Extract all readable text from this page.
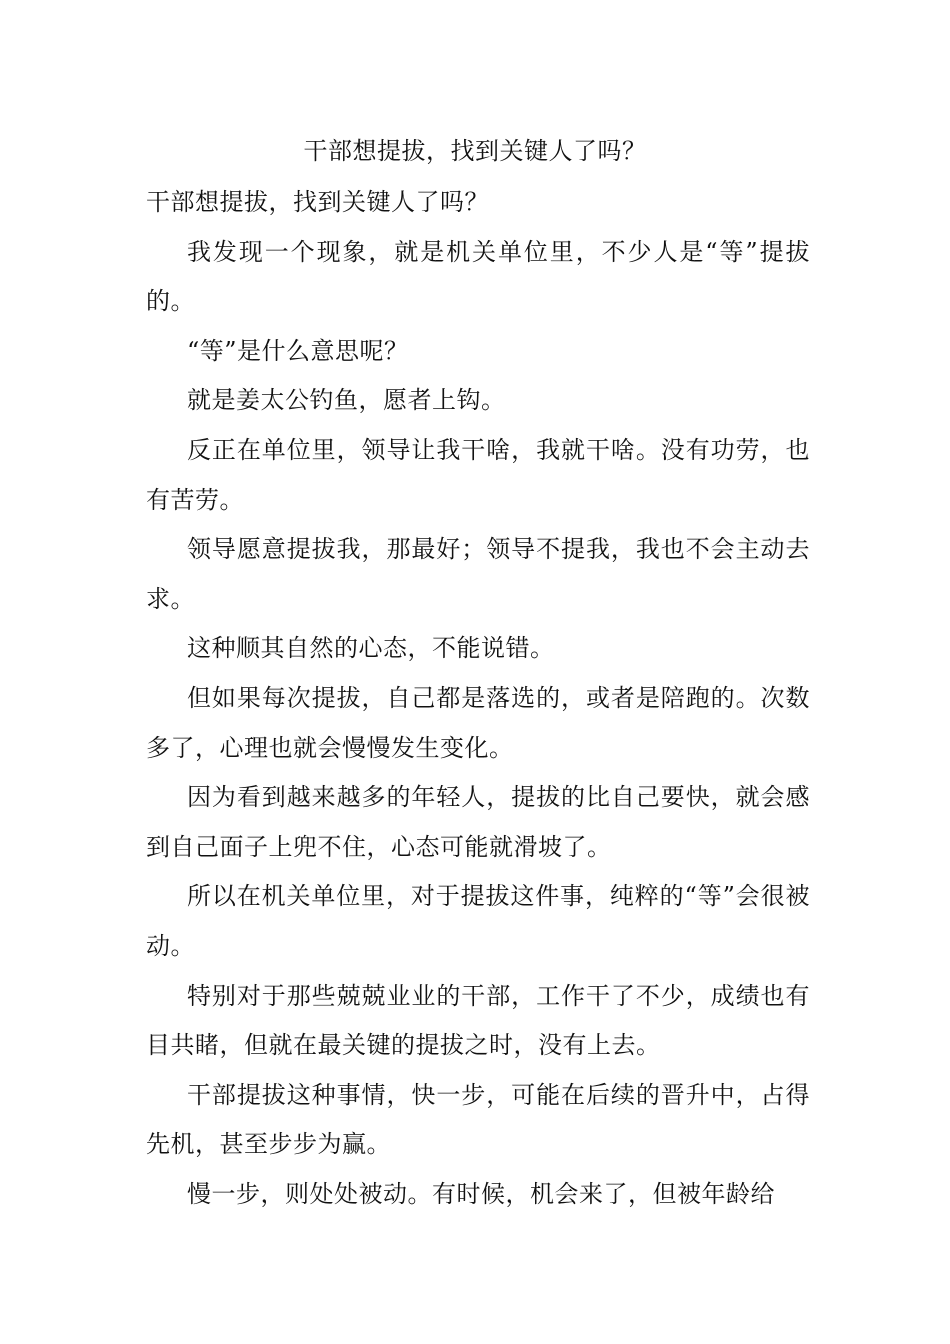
干部想提拔，找到关键人了吗？

干部想提拔，找到关键人了吗？

我发现一个现象，就是机关单位里，不少人是“等”提拔的。

“等”是什么意思呢？

就是姜太公钓鱼，愿者上钩。

反正在单位里，领导让我干啥，我就干啥。没有功劳，也有苦劳。

领导愿意提拔我，那最好；领导不提我，我也不会主动去求。

这种顺其自然的心态，不能说错。

但如果每次提拔，自己都是落选的，或者是陪跑的。次数多了，心理也就会慢慢发生变化。

因为看到越来越多的年轻人，提拔的比自己要快，就会感到自己面子上兜不住，心态可能就滑坡了。

所以在机关单位里，对于提拔这件事，纯粹的“等”会很被动。

特别对于那些兢兢业业的干部，工作干了不少，成绩也有目共睹，但就在最关键的提拔之时，没有上去。

干部提拔这种事情，快一步，可能在后续的晋升中，占得先机，甚至步步为赢。

慢一步，则处处被动。有时候，机会来了，但被年龄给
